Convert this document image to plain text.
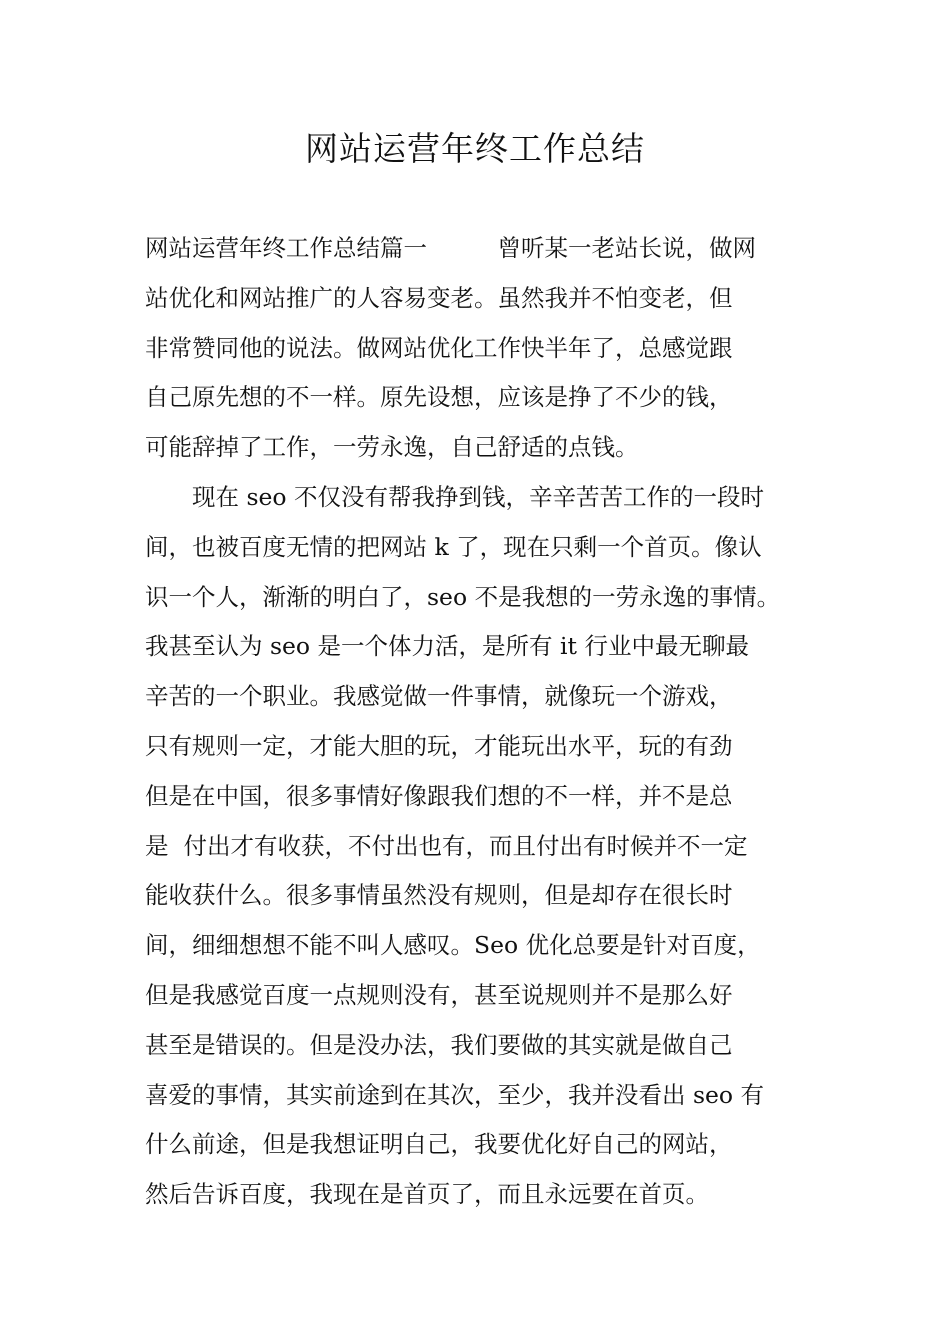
网站运营年终工作总结
网站运营年终工作总结篇一　　　曾听某一老站长说，做网
站优化和网站推广的人容易变老。虽然我并不怕变老，但
非常赞同他的说法。做网站优化工作快半年了，总感觉跟
自己原先想的不一样。原先设想，应该是挣了不少的钱，
可能辞掉了工作，一劳永逸，自己舒适的点钱。
　　现在 seo 不仅没有帮我挣到钱，辛辛苦苦工作的一段时
间，也被百度无情的把网站 k 了，现在只剩一个首页。像认
识一个人，渐渐的明白了，seo 不是我想的一劳永逸的事情。
我甚至认为 seo 是一个体力活，是所有 it 行业中最无聊最
辛苦的一个职业。我感觉做一件事情，就像玩一个游戏，
只有规则一定，才能大胆的玩，才能玩出水平，玩的有劲
但是在中国，很多事情好像跟我们想的不一样，并不是总
是  付出才有收获，不付出也有，而且付出有时候并不一定
能收获什么。很多事情虽然没有规则，但是却存在很长时
间，细细想想不能不叫人感叹。Seo 优化总要是针对百度，
但是我感觉百度一点规则没有，甚至说规则并不是那么好
甚至是错误的。但是没办法，我们要做的其实就是做自己
喜爱的事情，其实前途到在其次，至少，我并没看出 seo 有
什么前途，但是我想证明自己，我要优化好自己的网站，
然后告诉百度，我现在是首页了，而且永远要在首页。
